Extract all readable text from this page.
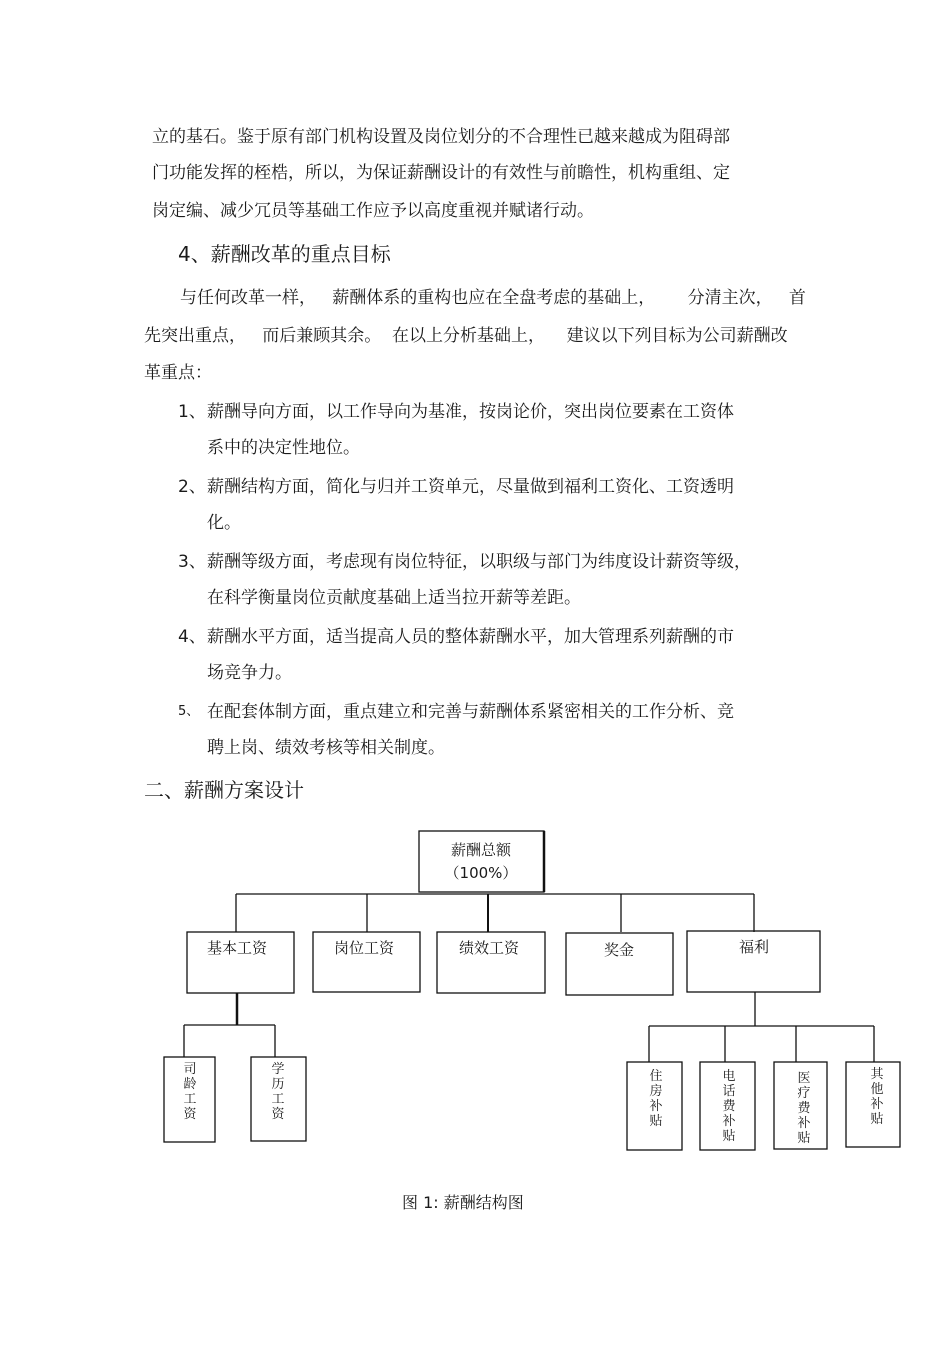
立的基石。鉴于原有部门机构设置及岗位划分的不合理性已越来越成为阻碍部
门功能发挥的桎梏，所以，为保证薪酬设计的有效性与前瞻性，机构重组、定
岗定编、减少冗员等基础工作应予以高度重视并赋诸行动。
4、薪酬改革的重点目标
与任何改革一样，   薪酬体系的重构也应在全盘考虑的基础上，      分清主次，   首
先突出重点，   而后兼顾其余。  在以上分析基础上，    建议以下列目标为公司薪酬改
革重点：
1、 薪酬导向方面，以工作导向为基准，按岗论价，突出岗位要素在工资体
系中的决定性地位。
2、 薪酬结构方面，简化与归并工资单元，尽量做到福利工资化、工资透明
化。
3、 薪酬等级方面，考虑现有岗位特征，以职级与部门为纬度设计薪资等级，
在科学衡量岗位贡献度基础上适当拉开薪等差距。
4、 薪酬水平方面，适当提高人员的整体薪酬水平，加大管理系列薪酬的市
场竞争力。
5、 在配套体制方面，重点建立和完善与薪酬体系紧密相关的工作分析、竞
聘上岗、绩效考核等相关制度。
二、薪酬方案设计
薪酬总额
（100%）
基本工资	岗位工资	绩效工资	奖金	福利
司龄工资
学历工资
住房补贴
电话费补贴
医疗费补贴
其他补贴
图 1: 薪酬结构图
